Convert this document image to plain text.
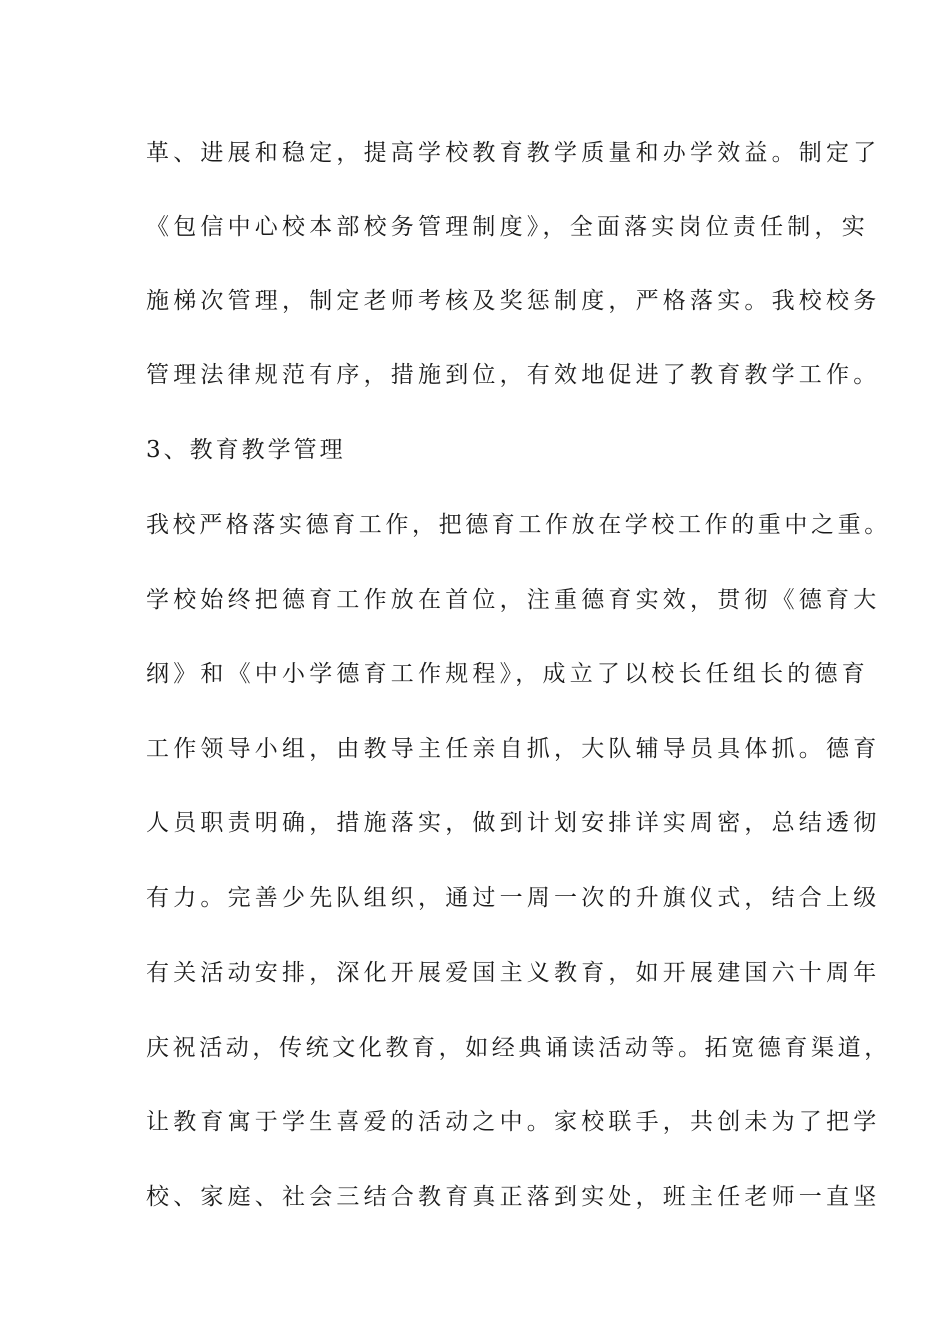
革、进展和稳定，提高学校教育教学质量和办学效益。制定了

《包信中心校本部校务管理制度》，全面落实岗位责任制，实

施梯次管理，制定老师考核及奖惩制度，严格落实。我校校务

管理法律规范有序，措施到位，有效地促进了教育教学工作。

3、教育教学管理

我校严格落实德育工作，把德育工作放在学校工作的重中之重。

学校始终把德育工作放在首位，注重德育实效，贯彻《德育大

纲》和《中小学德育工作规程》，成立了以校长任组长的德育

工作领导小组，由教导主任亲自抓，大队辅导员具体抓。德育

人员职责明确，措施落实，做到计划安排详实周密，总结透彻

有力。完善少先队组织，通过一周一次的升旗仪式，结合上级

有关活动安排，深化开展爱国主义教育，如开展建国六十周年

庆祝活动，传统文化教育，如经典诵读活动等。拓宽德育渠道，

让教育寓于学生喜爱的活动之中。家校联手，共创未为了把学

校、家庭、社会三结合教育真正落到实处，班主任老师一直坚
